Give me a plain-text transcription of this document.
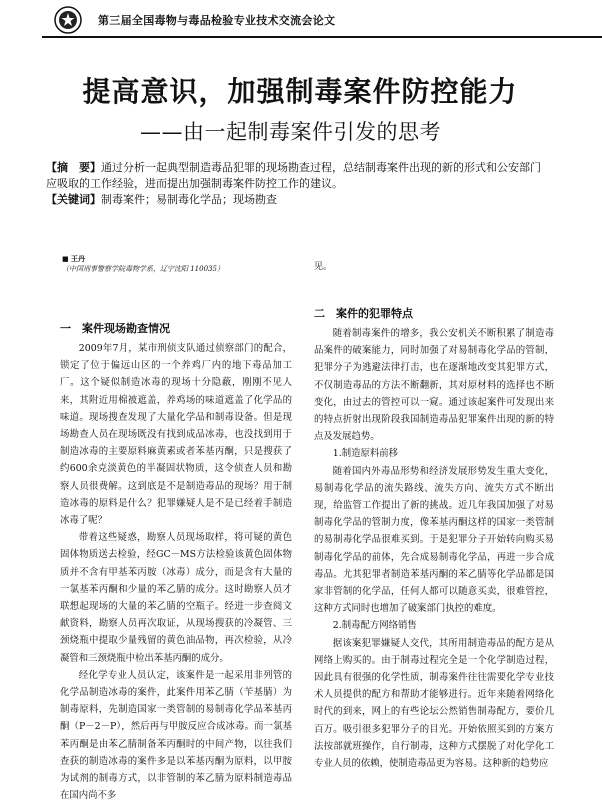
第三届全国毒物与毒品检验专业技术交流会论文
提高意识，加强制毒案件防控能力
——由一起制毒案件引发的思考
【摘　要】通过分析一起典型制造毒品犯罪的现场勘查过程，总结制毒案件出现的新的形式和公安部门应吸取的工作经验，进而提出加强制毒案件防控工作的建议。
【关键词】制毒案件；易制毒化学品；现场勘查
■ 王丹
（中国刑事警察学院毒物学系，辽宁沈阳 110035）	见。
一　案件现场勘查情况

2009年7月，某市刑侦支队通过侦察部门的配合，锁定了位于偏远山区的一个养鸡厂内的地下毒品加工厂。这个疑似制造冰毒的现场十分隐蔽，刚刚不见人来，其附近用棉被遮盖，养鸡场的味道遮盖了化学品的味道。现场搜查发现了大量化学品和制毒设备。但是现场勘查人员在现场既没有找到成品冰毒，也没找到用于制造冰毒的主要原料麻黄素或者苯基丙酮，只是搜获了约600余克淡黄色的半凝固状物质，这令侦查人员和勘察人员很费解。这到底是不是制造毒品的现场？用于制造冰毒的原料是什么？犯罪嫌疑人是不是已经着手制造冰毒了呢？

带着这些疑惑，勘察人员现场取样，将可疑的黄色固体物质送去检验，经GC－MS方法检验该黄色固体物质并不含有甲基苯丙胺（冰毒）成分，而是含有大量的一氯基苯丙酮和少量的苯乙腈的成分。这时勘察人员才联想起现场的大量的苯乙腈的空瓶子。经进一步查阅文献资料，勘察人员再次取证，从现场搜获的冷凝管、三颈烧瓶中提取少量残留的黄色油品物，再次检验，从冷凝管和三颈烧瓶中检出苯基丙酮的成分。

经化学专业人员认定，该案件是一起采用非列管的化学品制造冰毒的案件，此案件用苯乙腈（苄基腈）为制毒原料，先制造国家一类管制的易制毒化学品苯基丙酮（P－2－P），然后再与甲胺反应合成冰毒。而一氯基苯丙酮是由苯乙腈制备苯丙酮时的中间产物，以往我们查获的制造冰毒的案件多是以苯基丙酮为原料，以甲胺为试剂的制毒方式，以非管制的苯乙腈为原料制造毒品在国内尚不多

二　案件的犯罪特点

随着制毒案件的增多，我公安机关不断积累了制造毒品案件的破案能力，同时加强了对易制毒化学品的管制，犯罪分子为逃避法律打击，也在逐渐地改变其犯罪方式，不仅制造毒品的方法不断翻新，其对原材料的选择也不断变化，由过去的管控可以一窥。通过该起案件可发现出来的特点折射出现阶段我国制造毒品犯罪案件出现的新的特点及发展趋势。

1.制造原料前移

随着国内外毒品形势和经济发展形势发生重大变化，易制毒化学品的流失路线、流失方向、流失方式不断出现，给监管工作提出了新的挑战。近几年我国加强了对易制毒化学品的管制力度，像苯基丙酮这样的国家一类管制的易制毒化学品很难买到。于是犯罪分子开始转向购买易制毒化学品的前体，先合成易制毒化学品，再进一步合成毒品。尤其犯罪者制造苯基丙酮的苯乙腈等化学品都是国家非管制的化学品，任何人都可以随意买卖，很难管控，这种方式同时也增加了破案部门执控的难度。

2.制毒配方网络销售

据该案犯罪嫌疑人交代，其所用制造毒品的配方是从网络上购买的。由于制毒过程完全是一个化学制造过程，因此具有很强的化学性质，制毒案件往往需要化学专业技术人员提供的配方和帮助才能够进行。近年来随着网络化时代的到来，网上的有些论坛公然销售制毒配方，要价几百万。吸引很多犯罪分子的目光。开始依照买到的方案方法按部就班操作，自行制毒，这种方式摆脱了对化学化工专业人员的依赖，使制造毒品更为容易。这种新的趋势应
